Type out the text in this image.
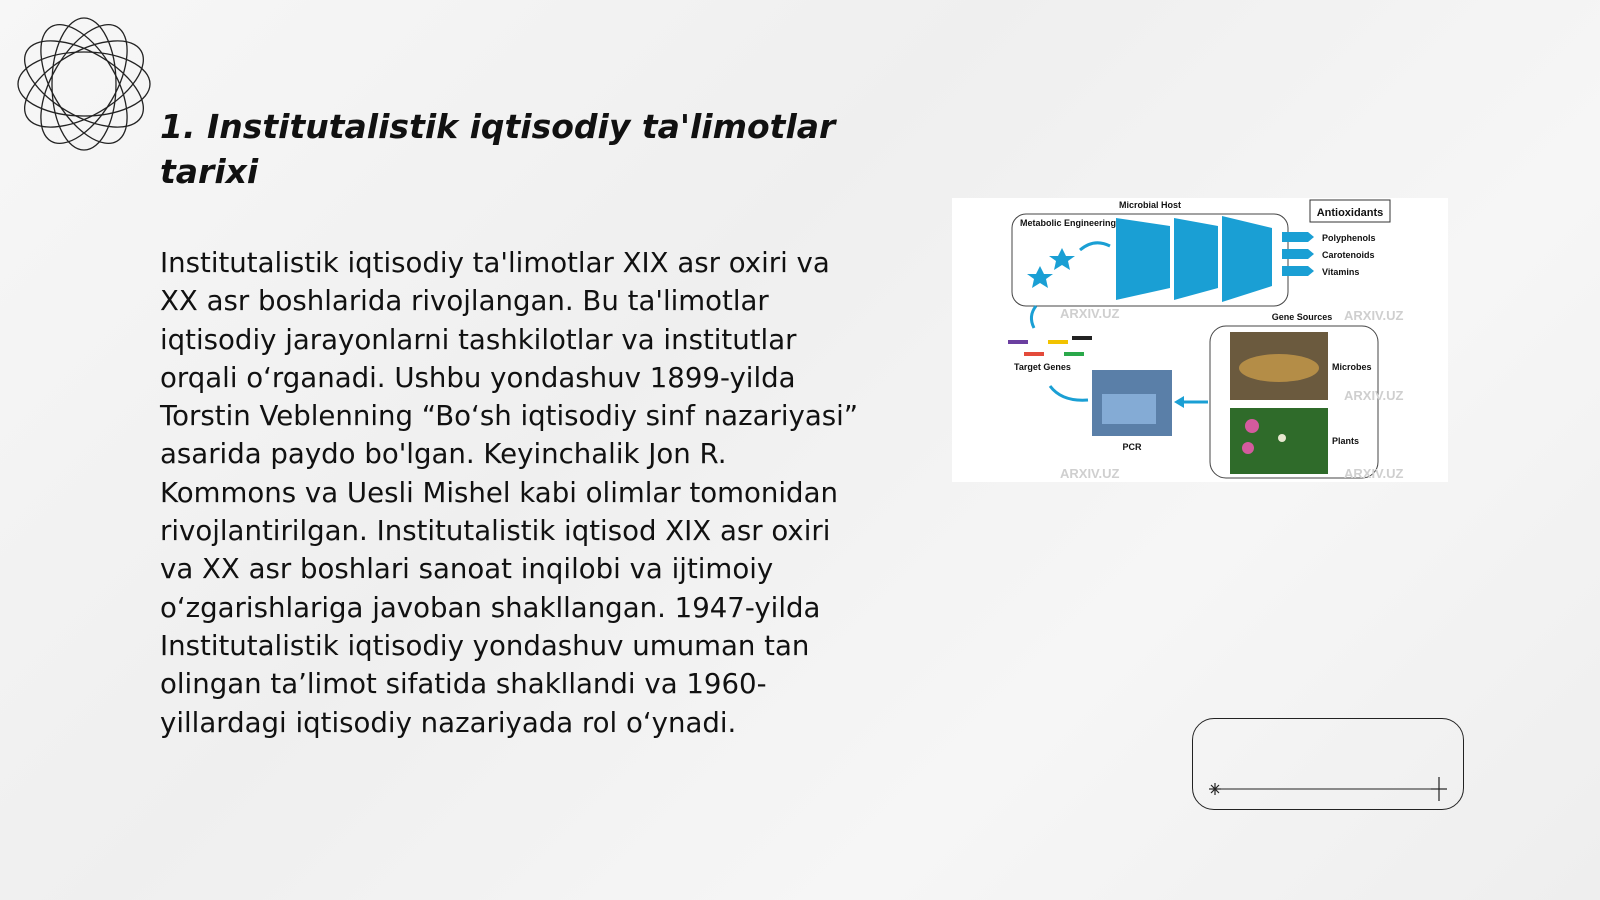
1. Institutalistik iqtisodiy ta'limotlar tarixi

Institutalistik iqtisodiy ta'limotlar XIX asr oxiri va XX asr boshlarida rivojlangan. Bu ta'limotlar iqtisodiy jarayonlarni tashkilotlar va institutlar orqali o‘rganadi. Ushbu yondashuv 1899-yilda Torstin Veblenning “Bo‘sh iqtisodiy sinf nazariyasi” asarida paydo bo'lgan. Keyinchalik Jon R. Kommons va Uesli Mishel kabi olimlar tomonidan rivojlantirilgan. Institutalistik iqtisod XIX asr oxiri va XX asr boshlari sanoat inqilobi va ijtimoiy o‘zgarishlariga javoban shakllangan. 1947-yilda Institutalistik iqtisodiy yondashuv umuman tan olingan ta’limot sifatida shakllandi va 1960-yillardagi iqtisodiy nazariyada rol o‘ynadi.

Microbial Host
Metabolic Engineering
Antioxidants
Polyphenols
Carotenoids
Vitamins
Gene Sources
Microbes
Plants
PCR
Target Genes
ARXIV.UZ	ARXIV.UZ
ARXIV.UZ
ARXIV.UZ	ARXIV.UZ
